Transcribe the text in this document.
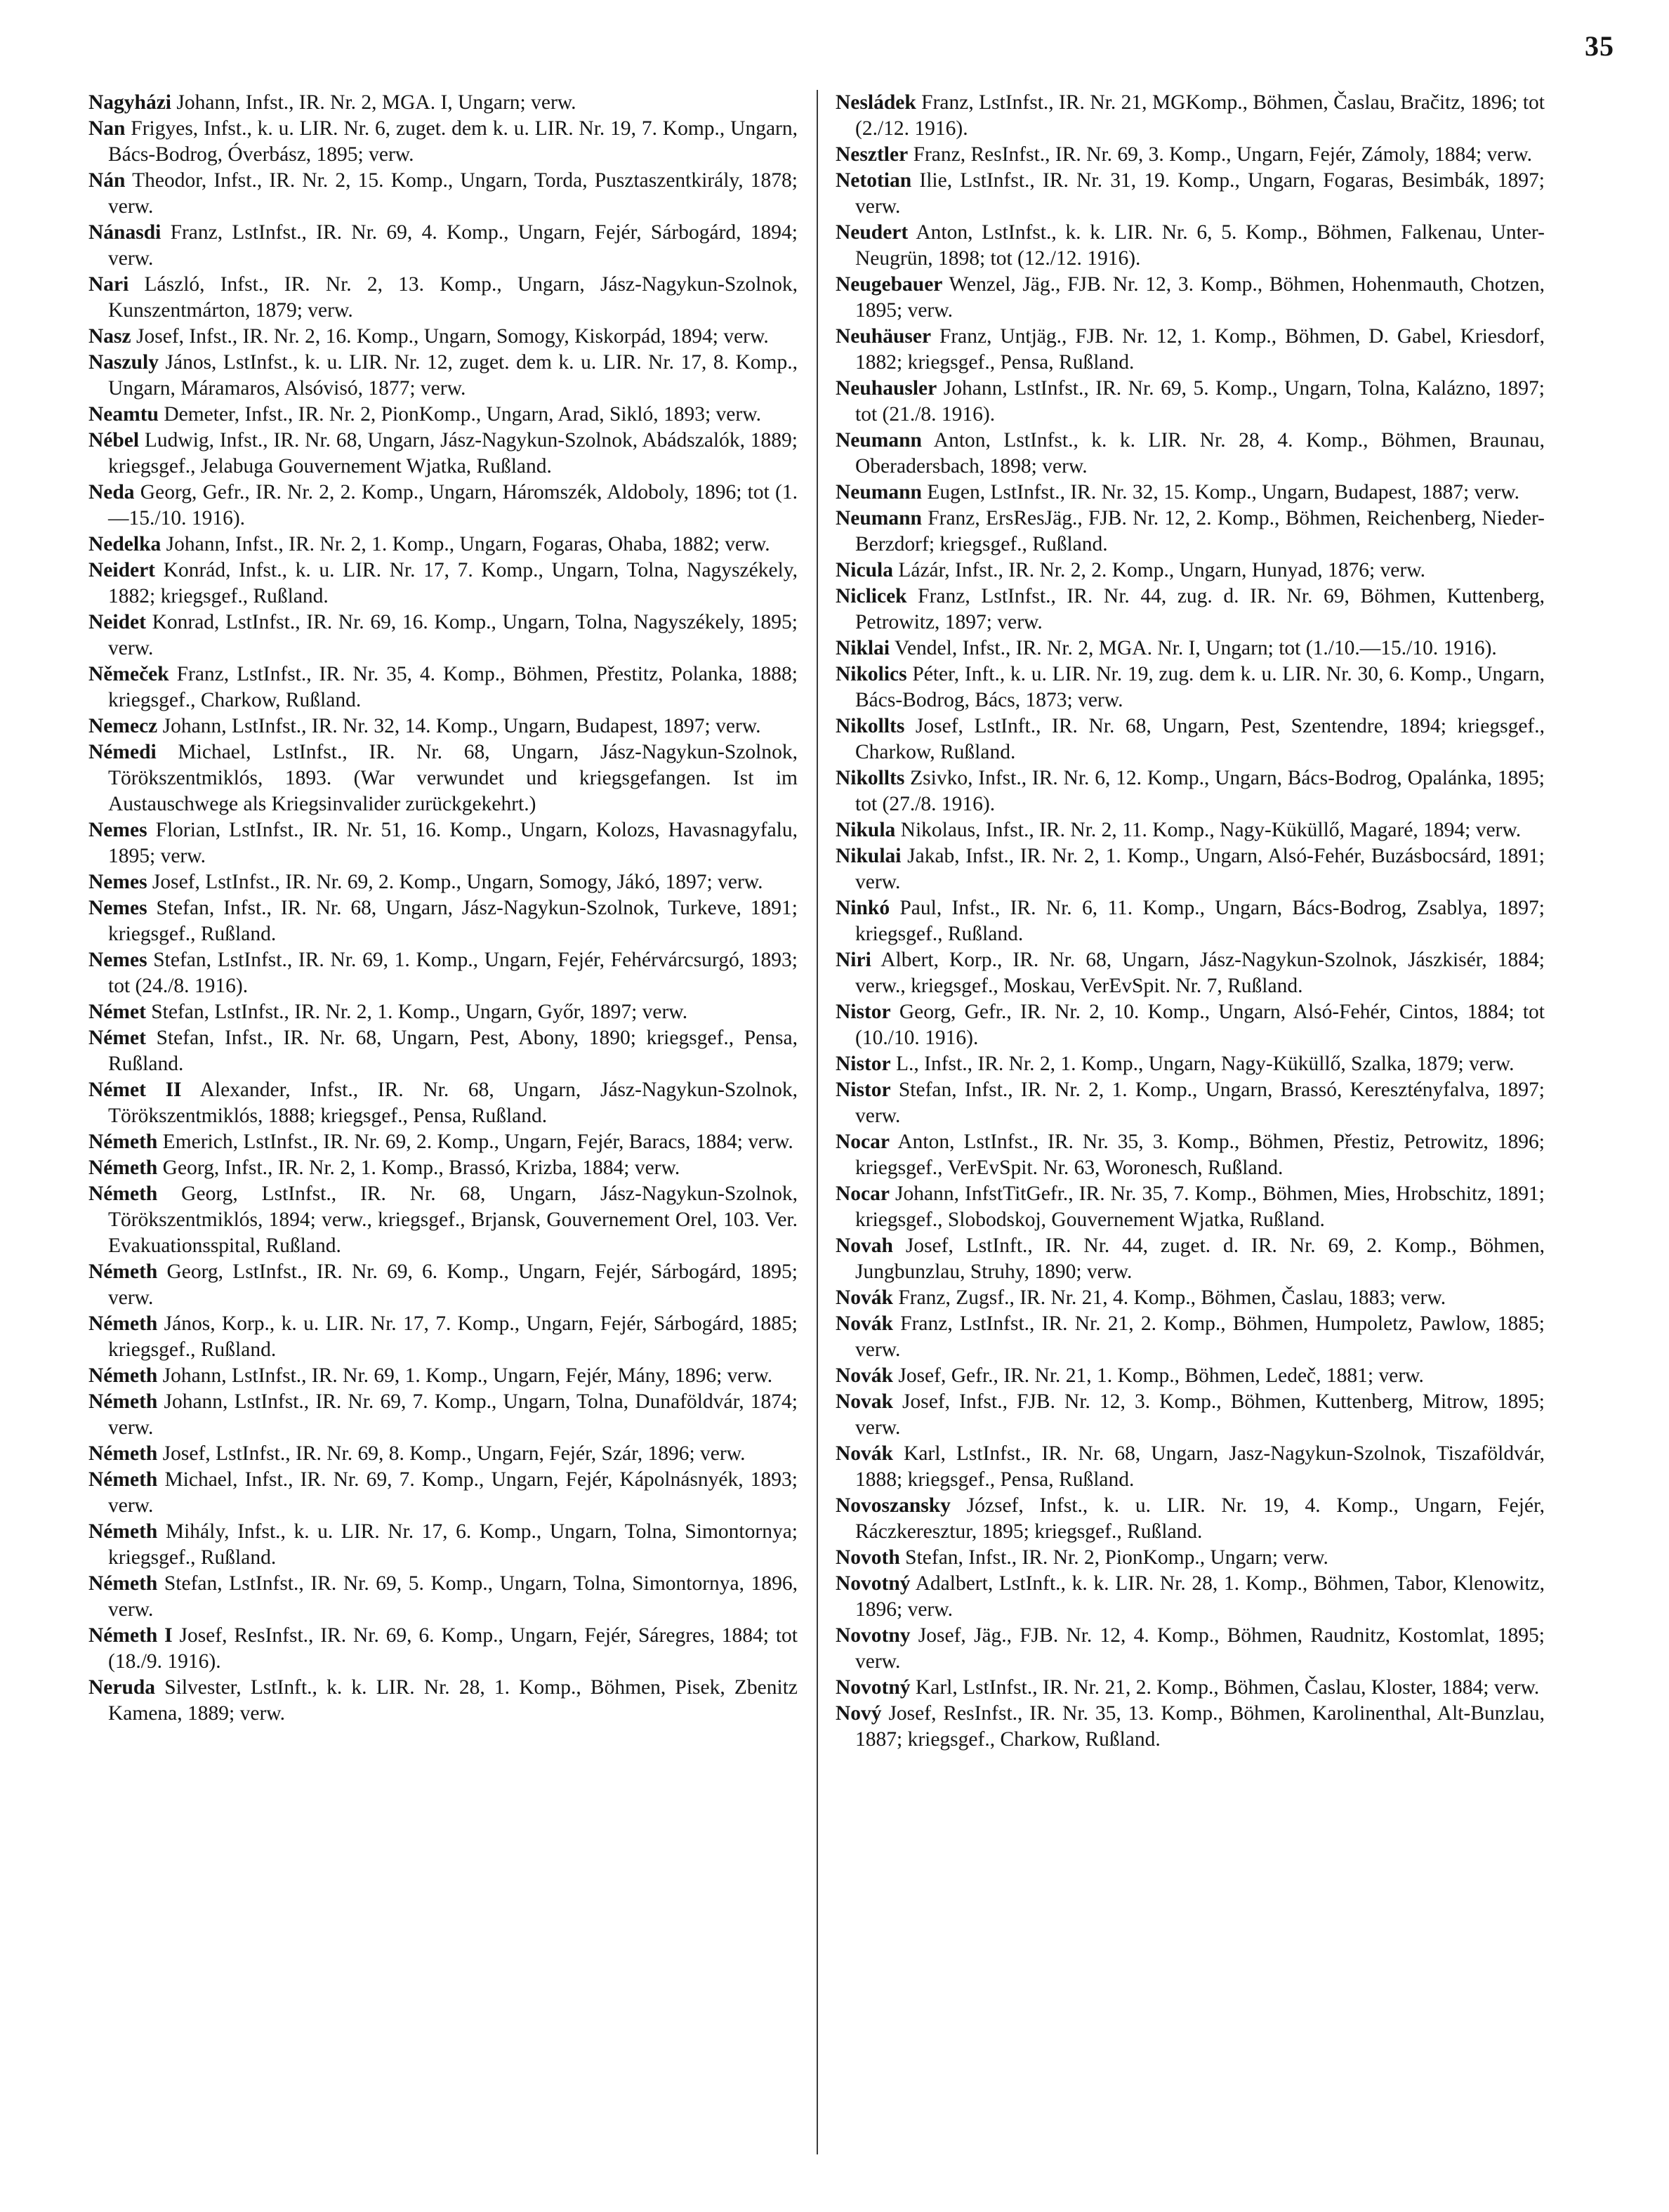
35
Nagyházi Johann, Infst., IR. Nr. 2, MGA. I, Ungarn; verw.
Nan Frigyes, Infst., k. u. LIR. Nr. 6, zuget. dem k. u. LIR. Nr. 19, 7. Komp., Ungarn, Bács-Bodrog, Óverbász, 1895; verw.
Nán Theodor, Infst., IR. Nr. 2, 15. Komp., Ungarn, Torda, Pusztaszentkirály, 1878; verw.
Nánasdi Franz, LstInfst., IR. Nr. 69, 4. Komp., Ungarn, Fejér, Sárbogárd, 1894; verw.
Nari László, Infst., IR. Nr. 2, 13. Komp., Ungarn, Jász-Nagykun-Szolnok, Kunszentmárton, 1879; verw.
Nasz Josef, Infst., IR. Nr. 2, 16. Komp., Ungarn, Somogy, Kiskorpád, 1894; verw.
Naszuly János, LstInfst., k. u. LIR. Nr. 12, zuget. dem k. u. LIR. Nr. 17, 8. Komp., Ungarn, Máramaros, Alsóvisó, 1877; verw.
Neamtu Demeter, Infst., IR. Nr. 2, PionKomp., Ungarn, Arad, Sikló, 1893; verw.
Nébel Ludwig, Infst., IR. Nr. 68, Ungarn, Jász-Nagykun-Szolnok, Abádszalók, 1889; kriegsgef., Jelabuga Gouvernement Wjatka, Rußland.
Neda Georg, Gefr., IR. Nr. 2, 2. Komp., Ungarn, Háromszék, Aldoboly, 1896; tot (1.—15./10. 1916).
Nedelka Johann, Infst., IR. Nr. 2, 1. Komp., Ungarn, Fogaras, Ohaba, 1882; verw.
Neidert Konrád, Infst., k. u. LIR. Nr. 17, 7. Komp., Ungarn, Tolna, Nagyszékely, 1882; kriegsgef., Rußland.
Neidet Konrad, LstInfst., IR. Nr. 69, 16. Komp., Ungarn, Tolna, Nagyszékely, 1895; verw.
Němeček Franz, LstInfst., IR. Nr. 35, 4. Komp., Böhmen, Přestitz, Polanka, 1888; kriegsgef., Charkow, Rußland.
Nemecz Johann, LstInfst., IR. Nr. 32, 14. Komp., Ungarn, Budapest, 1897; verw.
Némedi Michael, LstInfst., IR. Nr. 68, Ungarn, Jász-Nagykun-Szolnok, Törökszentmiklós, 1893. (War verwundet und kriegsgefangen. Ist im Austauschwege als Kriegsinvalider zurückgekehrt.)
Nemes Florian, LstInfst., IR. Nr. 51, 16. Komp., Ungarn, Kolozs, Havasnagyfalu, 1895; verw.
Nemes Josef, LstInfst., IR. Nr. 69, 2. Komp., Ungarn, Somogy, Jákó, 1897; verw.
Nemes Stefan, Infst., IR. Nr. 68, Ungarn, Jász-Nagykun-Szolnok, Turkeve, 1891; kriegsgef., Rußland.
Nemes Stefan, LstInfst., IR. Nr. 69, 1. Komp., Ungarn, Fejér, Fehérvárcsurgó, 1893; tot (24./8. 1916).
Német Stefan, LstInfst., IR. Nr. 2, 1. Komp., Ungarn, Győr, 1897; verw.
Német Stefan, Infst., IR. Nr. 68, Ungarn, Pest, Abony, 1890; kriegsgef., Pensa, Rußland.
Német II Alexander, Infst., IR. Nr. 68, Ungarn, Jász-Nagykun-Szolnok, Törökszentmiklós, 1888; kriegsgef., Pensa, Rußland.
Németh Emerich, LstInfst., IR. Nr. 69, 2. Komp., Ungarn, Fejér, Baracs, 1884; verw.
Németh Georg, Infst., IR. Nr. 2, 1. Komp., Brassó, Krizba, 1884; verw.
Németh Georg, LstInfst., IR. Nr. 68, Ungarn, Jász-Nagykun-Szolnok, Törökszentmiklós, 1894; verw., kriegsgef., Brjansk, Gouvernement Orel, 103. Ver. Evakuationsspital, Rußland.
Németh Georg, LstInfst., IR. Nr. 69, 6. Komp., Ungarn, Fejér, Sárbogárd, 1895; verw.
Németh János, Korp., k. u. LIR. Nr. 17, 7. Komp., Ungarn, Fejér, Sárbogárd, 1885; kriegsgef., Rußland.
Németh Johann, LstInfst., IR. Nr. 69, 1. Komp., Ungarn, Fejér, Mány, 1896; verw.
Németh Johann, LstInfst., IR. Nr. 69, 7. Komp., Ungarn, Tolna, Dunaföldvár, 1874; verw.
Németh Josef, LstInfst., IR. Nr. 69, 8. Komp., Ungarn, Fejér, Szár, 1896; verw.
Németh Michael, Infst., IR. Nr. 69, 7. Komp., Ungarn, Fejér, Kápolnásnyék, 1893; verw.
Németh Mihály, Infst., k. u. LIR. Nr. 17, 6. Komp., Ungarn, Tolna, Simontornya; kriegsgef., Rußland.
Németh Stefan, LstInfst., IR. Nr. 69, 5. Komp., Ungarn, Tolna, Simontornya, 1896, verw.
Németh I Josef, ResInfst., IR. Nr. 69, 6. Komp., Ungarn, Fejér, Sáregres, 1884; tot (18./9. 1916).
Neruda Silvester, LstInft., k. k. LIR. Nr. 28, 1. Komp., Böhmen, Pisek, Zbenitz Kamena, 1889; verw.
Nesládek Franz, LstInfst., IR. Nr. 21, MGKomp., Böhmen, Časlau, Bračitz, 1896; tot (2./12. 1916).
Nesztler Franz, ResInfst., IR. Nr. 69, 3. Komp., Ungarn, Fejér, Zámoly, 1884; verw.
Netotian Ilie, LstInfst., IR. Nr. 31, 19. Komp., Ungarn, Fogaras, Besimbák, 1897; verw.
Neudert Anton, LstInfst., k. k. LIR. Nr. 6, 5. Komp., Böhmen, Falkenau, Unter-Neugrün, 1898; tot (12./12. 1916).
Neugebauer Wenzel, Jäg., FJB. Nr. 12, 3. Komp., Böhmen, Hohenmauth, Chotzen, 1895; verw.
Neuhäuser Franz, Untjäg., FJB. Nr. 12, 1. Komp., Böhmen, D. Gabel, Kriesdorf, 1882; kriegsgef., Pensa, Rußland.
Neuhausler Johann, LstInfst., IR. Nr. 69, 5. Komp., Ungarn, Tolna, Kalázno, 1897; tot (21./8. 1916).
Neumann Anton, LstInfst., k. k. LIR. Nr. 28, 4. Komp., Böhmen, Braunau, Oberadersbach, 1898; verw.
Neumann Eugen, LstInfst., IR. Nr. 32, 15. Komp., Ungarn, Budapest, 1887; verw.
Neumann Franz, ErsResJäg., FJB. Nr. 12, 2. Komp., Böhmen, Reichenberg, Nieder-Berzdorf; kriegsgef., Rußland.
Nicula Lázár, Infst., IR. Nr. 2, 2. Komp., Ungarn, Hunyad, 1876; verw.
Niclicek Franz, LstInfst., IR. Nr. 44, zug. d. IR. Nr. 69, Böhmen, Kuttenberg, Petrowitz, 1897; verw.
Niklai Vendel, Infst., IR. Nr. 2, MGA. Nr. I, Ungarn; tot (1./10.—15./10. 1916).
Nikolics Péter, Inft., k. u. LIR. Nr. 19, zug. dem k. u. LIR. Nr. 30, 6. Komp., Ungarn, Bács-Bodrog, Bács, 1873; verw.
Nikollts Josef, LstInft., IR. Nr. 68, Ungarn, Pest, Szentendre, 1894; kriegsgef., Charkow, Rußland.
Nikollts Zsivko, Infst., IR. Nr. 6, 12. Komp., Ungarn, Bács-Bodrog, Opalánka, 1895; tot (27./8. 1916).
Nikula Nikolaus, Infst., IR. Nr. 2, 11. Komp., Nagy-Küküllő, Magaré, 1894; verw.
Nikulai Jakab, Infst., IR. Nr. 2, 1. Komp., Ungarn, Alsó-Fehér, Buzásbocsárd, 1891; verw.
Ninkó Paul, Infst., IR. Nr. 6, 11. Komp., Ungarn, Bács-Bodrog, Zsablya, 1897; kriegsgef., Rußland.
Niri Albert, Korp., IR. Nr. 68, Ungarn, Jász-Nagykun-Szolnok, Jászkisér, 1884; verw., kriegsgef., Moskau, VerEvSpit. Nr. 7, Rußland.
Nistor Georg, Gefr., IR. Nr. 2, 10. Komp., Ungarn, Alsó-Fehér, Cintos, 1884; tot (10./10. 1916).
Nistor L., Infst., IR. Nr. 2, 1. Komp., Ungarn, Nagy-Küküllő, Szalka, 1879; verw.
Nistor Stefan, Infst., IR. Nr. 2, 1. Komp., Ungarn, Brassó, Keresztényfalva, 1897; verw.
Nocar Anton, LstInfst., IR. Nr. 35, 3. Komp., Böhmen, Přestiz, Petrowitz, 1896; kriegsgef., VerEvSpit. Nr. 63, Woronesch, Rußland.
Nocar Johann, InfstTitGefr., IR. Nr. 35, 7. Komp., Böhmen, Mies, Hrobschitz, 1891; kriegsgef., Slobodskoj, Gouvernement Wjatka, Rußland.
Novah Josef, LstInft., IR. Nr. 44, zuget. d. IR. Nr. 69, 2. Komp., Böhmen, Jungbunzlau, Struhy, 1890; verw.
Novák Franz, Zugsf., IR. Nr. 21, 4. Komp., Böhmen, Časlau, 1883; verw.
Novák Franz, LstInfst., IR. Nr. 21, 2. Komp., Böhmen, Humpoletz, Pawlow, 1885; verw.
Novák Josef, Gefr., IR. Nr. 21, 1. Komp., Böhmen, Ledeč, 1881; verw.
Novak Josef, Infst., FJB. Nr. 12, 3. Komp., Böhmen, Kuttenberg, Mitrow, 1895; verw.
Novák Karl, LstInfst., IR. Nr. 68, Ungarn, Jasz-Nagykun-Szolnok, Tiszaföldvár, 1888; kriegsgef., Pensa, Rußland.
Novoszansky József, Infst., k. u. LIR. Nr. 19, 4. Komp., Ungarn, Fejér, Ráczkeresztur, 1895; kriegsgef., Rußland.
Novoth Stefan, Infst., IR. Nr. 2, PionKomp., Ungarn; verw.
Novotný Adalbert, LstInft., k. k. LIR. Nr. 28, 1. Komp., Böhmen, Tabor, Klenowitz, 1896; verw.
Novotny Josef, Jäg., FJB. Nr. 12, 4. Komp., Böhmen, Raudnitz, Kostomlat, 1895; verw.
Novotný Karl, LstInfst., IR. Nr. 21, 2. Komp., Böhmen, Časlau, Kloster, 1884; verw.
Nový Josef, ResInfst., IR. Nr. 35, 13. Komp., Böhmen, Karolinenthal, Alt-Bunzlau, 1887; kriegsgef., Charkow, Rußland.
